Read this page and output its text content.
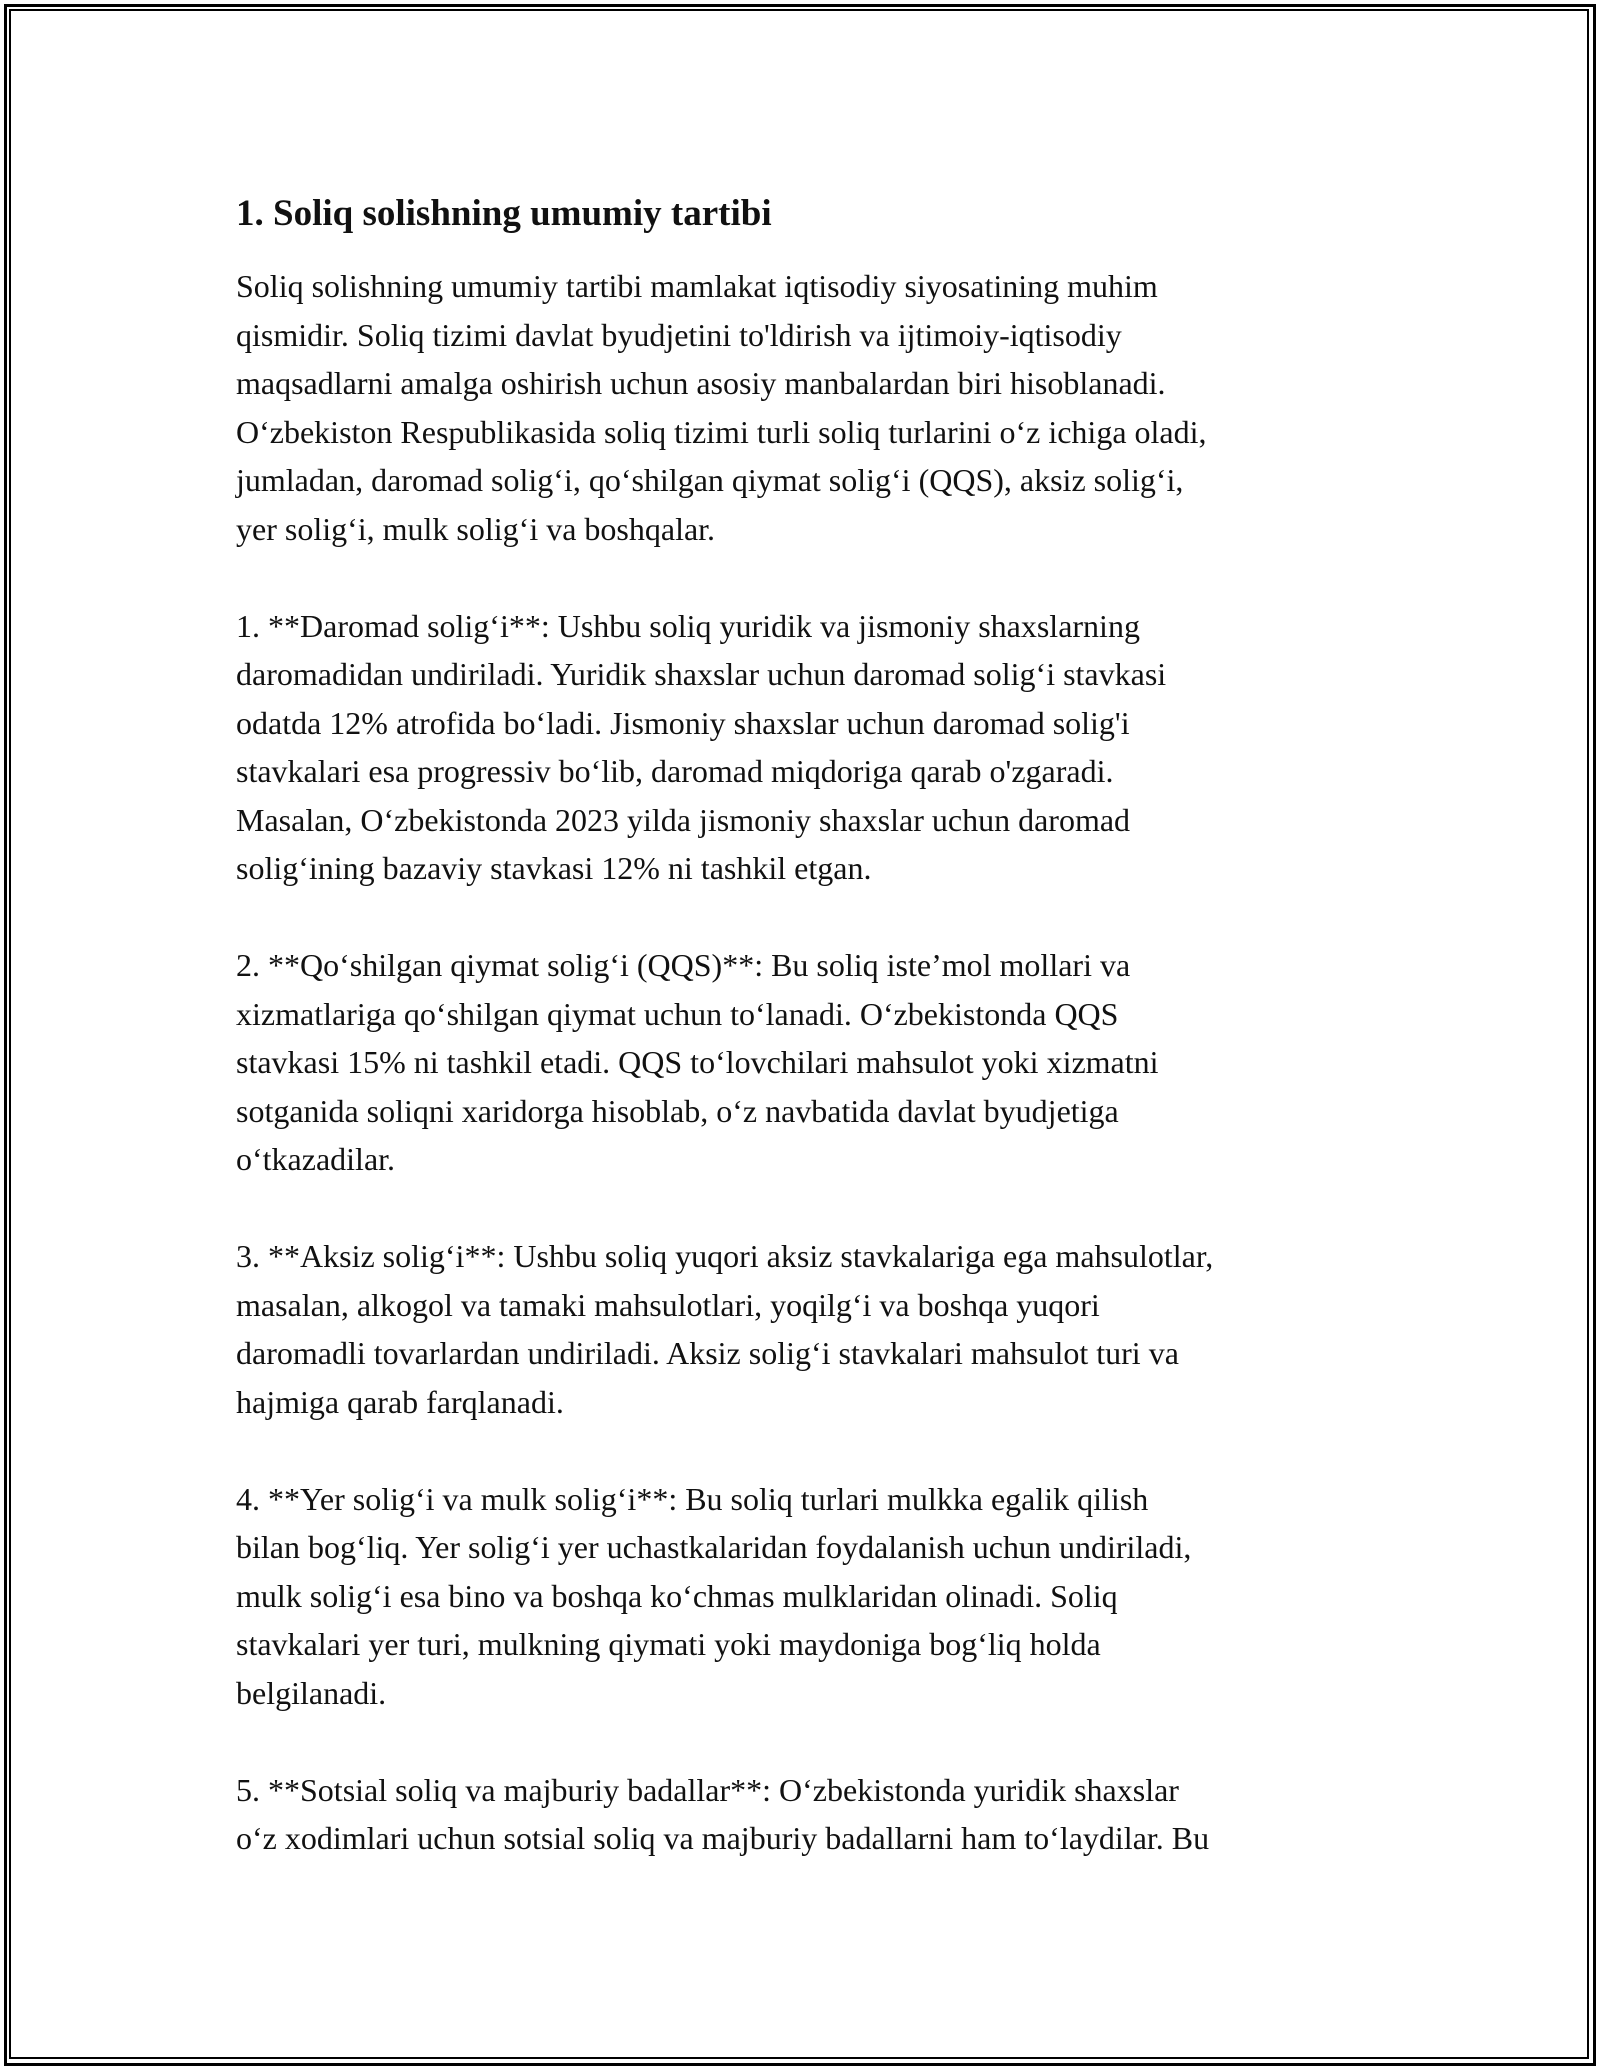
1. Soliq solishning umumiy tartibi

Soliq solishning umumiy tartibi mamlakat iqtisodiy siyosatining muhim
qismidir. Soliq tizimi davlat byudjetini to'ldirish va ijtimoiy-iqtisodiy
maqsadlarni amalga oshirish uchun asosiy manbalardan biri hisoblanadi.
O‘zbekiston Respublikasida soliq tizimi turli soliq turlarini o‘z ichiga oladi,
jumladan, daromad solig‘i, qo‘shilgan qiymat solig‘i (QQS), aksiz solig‘i,
yer solig‘i, mulk solig‘i va boshqalar.

1. **Daromad solig‘i**: Ushbu soliq yuridik va jismoniy shaxslarning
daromadidan undiriladi. Yuridik shaxslar uchun daromad solig‘i stavkasi
odatda 12% atrofida bo‘ladi. Jismoniy shaxslar uchun daromad solig'i
stavkalari esa progressiv bo‘lib, daromad miqdoriga qarab o'zgaradi.
Masalan, O‘zbekistonda 2023 yilda jismoniy shaxslar uchun daromad
solig‘ining bazaviy stavkasi 12% ni tashkil etgan.

2. **Qo‘shilgan qiymat solig‘i (QQS)**: Bu soliq iste’mol mollari va
xizmatlariga qo‘shilgan qiymat uchun to‘lanadi. O‘zbekistonda QQS
stavkasi 15% ni tashkil etadi. QQS to‘lovchilari mahsulot yoki xizmatni
sotganida soliqni xaridorga hisoblab, o‘z navbatida davlat byudjetiga
o‘tkazadilar.

3. **Aksiz solig‘i**: Ushbu soliq yuqori aksiz stavkalariga ega mahsulotlar,
masalan, alkogol va tamaki mahsulotlari, yoqilg‘i va boshqa yuqori
daromadli tovarlardan undiriladi. Aksiz solig‘i stavkalari mahsulot turi va
hajmiga qarab farqlanadi.

4. **Yer solig‘i va mulk solig‘i**: Bu soliq turlari mulkka egalik qilish
bilan bog‘liq. Yer solig‘i yer uchastkalaridan foydalanish uchun undiriladi,
mulk solig‘i esa bino va boshqa ko‘chmas mulklaridan olinadi. Soliq
stavkalari yer turi, mulkning qiymati yoki maydoniga bog‘liq holda
belgilanadi.

5. **Sotsial soliq va majburiy badallar**: O‘zbekistonda yuridik shaxslar
o‘z xodimlari uchun sotsial soliq va majburiy badallarni ham to‘laydilar. Bu
